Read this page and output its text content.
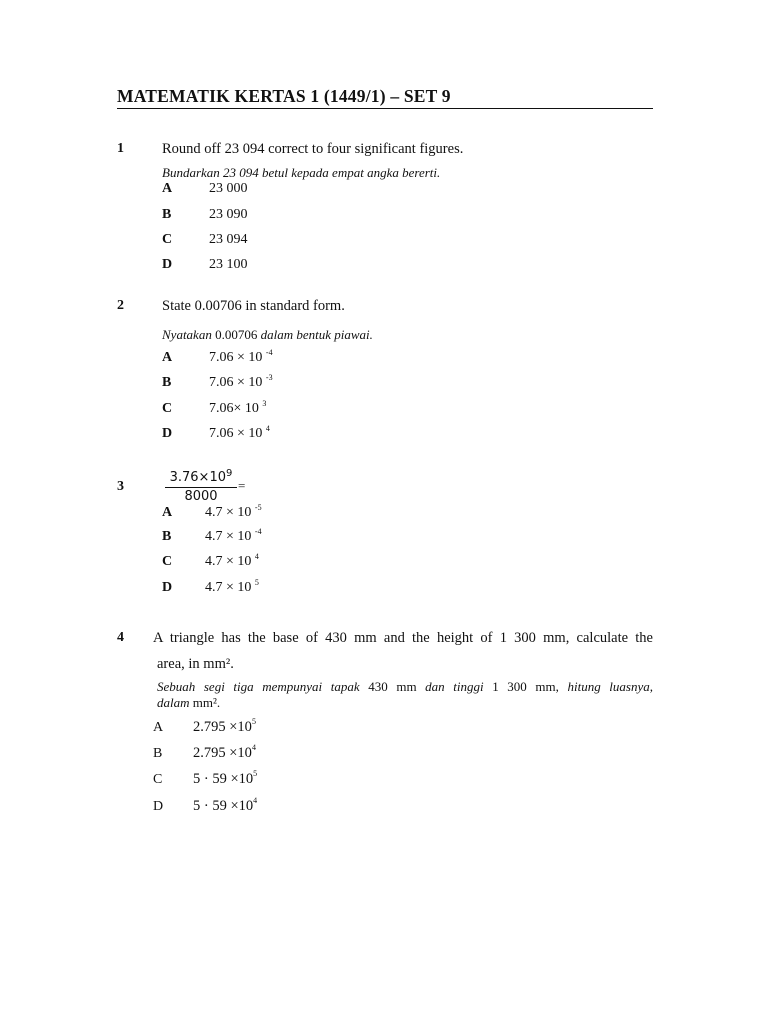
MATEMATIK KERTAS 1 (1449/1) – SET 9
1	Round off 23 094 correct to four significant figures.
Bundarkan 23 094 betul kepada empat angka bererti.
A	23 000
B	23 090
C	23 094
D	23 100
2	State 0.00706 in standard form.
Nyatakan 0.00706 dalam bentuk piawai.
A	7.06 × 10 $^{-4}$
B	7.06 × 10 $^{-3}$
C	7.06× 10 $^3$
D	7.06 × 10 $^4$
3
$3.76\times 10^9$
8000
=
A 4.7 × 10 $^{-5}$
B 4.7 × 10 $^{-4}$
C 4.7 × 10 $^4$
D 4.7 × 10 $^5$
4 A triangle has the base of 430 mm and the height of 1 300 mm, calculate the
area, in mm².
Sebuah segi tiga mempunyai tapak 430 mm dan tinggi 1 300 mm, hitung luasnya,
dalam mm².
A $2.795 \times 10^5$
B $2.795 \times 10^4$
C $5 \cdot 59 \times 10^5$
D $5 \cdot 59 \times 10^4$
